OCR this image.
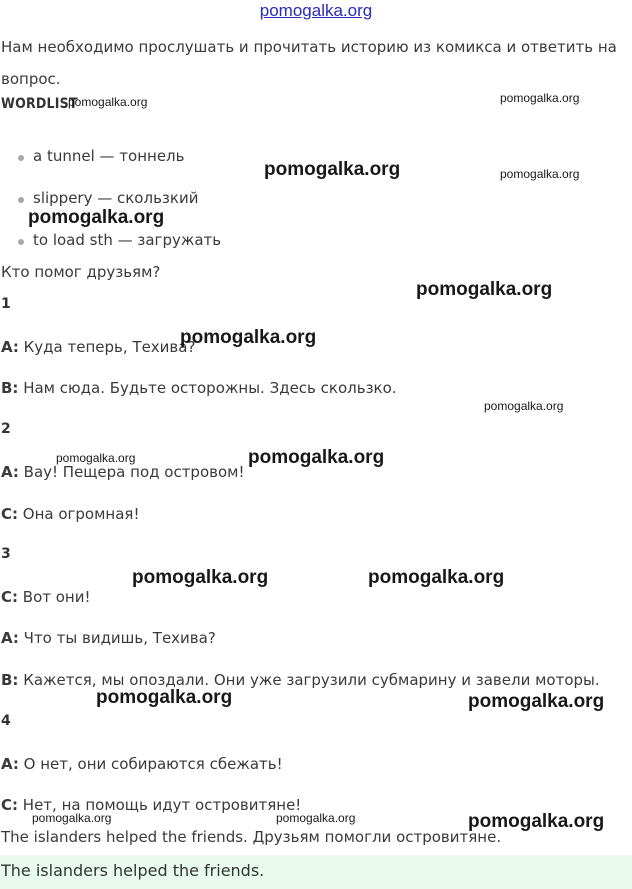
pomogalka.org
Нам необходимо прослушать и прочитать историю из комикса и ответить на вопрос.
WORDLIST
a tunnel — тоннель
slippery — скользкий
to load sth — загружать
Кто помог друзьям?
1
A: Куда теперь, Техива?
B: Нам сюда. Будьте осторожны. Здесь скользко.
2
A: Вау! Пещера под островом!
C: Она огромная!
3
C: Вот они!
A: Что ты видишь, Техива?
B: Кажется, мы опоздали. Они уже загрузили субмарину и завели моторы.
4
A: О нет, они собираются сбежать!
C: Нет, на помощь идут островитяне!
The islanders helped the friends. Друзьям помогли островитяне.
The islanders helped the friends.
pomogalka.org	pomogalka.org
pomogalka.org	pomogalka.org
pomogalka.org
pomogalka.org
pomogalka.org
pomogalka.org
pomogalka.org	pomogalka.org
pomogalka.org	pomogalka.org
pomogalka.org	pomogalka.org
pomogalka.org	pomogalka.org	pomogalka.org
